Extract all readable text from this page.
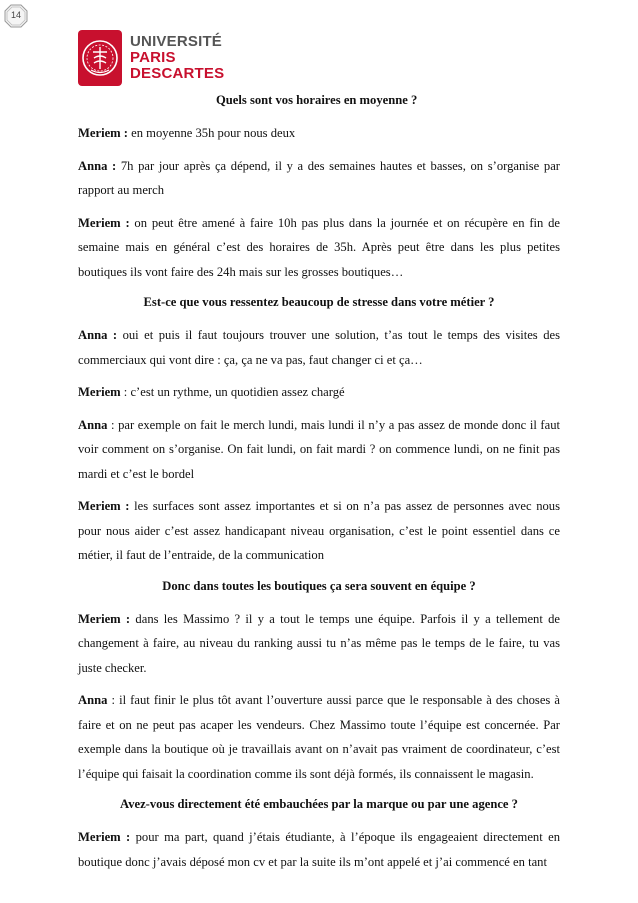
14
UNIVERSITÉ
PARIS
DESCARTES
Quels sont vos horaires en moyenne ?
Meriem : en moyenne 35h pour nous deux
Anna : 7h par jour après ça dépend, il y a des semaines hautes et basses, on s’organise par rapport au merch
Meriem : on peut être amené à faire 10h pas plus dans la journée et on récupère en fin de semaine mais en général c’est des horaires de 35h. Après peut être dans les plus petites boutiques ils vont faire des 24h mais sur les grosses boutiques…
Est-ce que vous ressentez beaucoup de stresse dans votre métier ?
Anna : oui et puis il faut toujours trouver une solution, t’as tout le temps des visites des commerciaux qui vont dire : ça, ça ne va pas, faut changer ci et ça…
Meriem : c’est un rythme, un quotidien assez chargé
Anna : par exemple on fait le merch lundi, mais lundi il n’y a pas assez de monde donc il faut voir comment on s’organise. On fait lundi, on fait mardi ? on commence lundi, on ne finit pas mardi et c’est le bordel
Meriem : les surfaces sont assez importantes et si on n’a pas assez de personnes avec nous pour nous aider c’est assez handicapant niveau organisation, c’est le point essentiel dans ce métier, il faut de l’entraide, de la communication
Donc dans toutes les boutiques ça sera souvent en équipe ?
Meriem : dans les Massimo ? il y a tout le temps une équipe. Parfois il y a tellement de changement à faire, au niveau du ranking aussi tu n’as même pas le temps de le faire, tu vas juste checker.
Anna : il faut finir le plus tôt avant l’ouverture aussi parce que le responsable à des choses à faire et on ne peut pas acaper les vendeurs. Chez Massimo toute l’équipe est concernée. Par exemple dans la boutique où je travaillais avant on n’avait pas vraiment de coordinateur, c’est l’équipe qui faisait la coordination comme ils sont déjà formés, ils connaissent le magasin.
Avez-vous directement été embauchées par la marque ou par une agence ?
Meriem : pour ma part, quand j’étais étudiante, à l’époque ils engageaient directement en boutique donc j’avais déposé mon cv et par la suite ils m’ont appelé et j’ai commencé en tant
